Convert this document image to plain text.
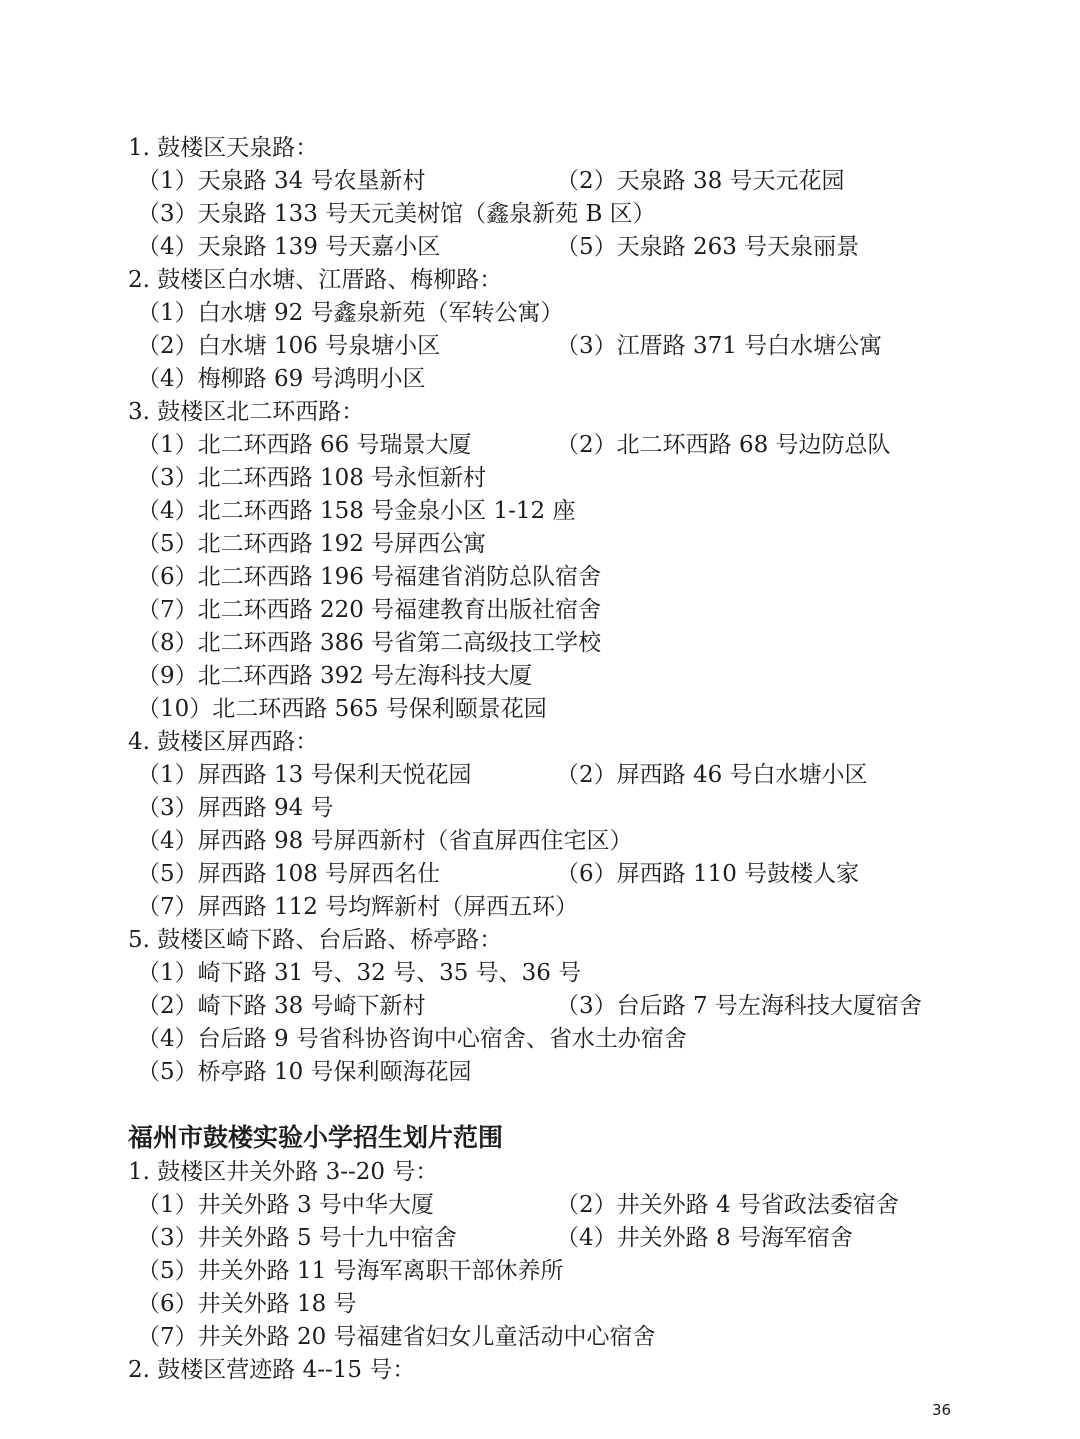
1. 鼓楼区天泉路：
（1）天泉路 34 号农垦新村	（2）天泉路 38 号天元花园
（3）天泉路 133 号天元美树馆（鑫泉新苑 B 区）
（4）天泉路 139 号天嘉小区	（5）天泉路 263 号天泉丽景
2. 鼓楼区白水塘、江厝路、梅柳路：
（1）白水塘 92 号鑫泉新苑（军转公寓）
（2）白水塘 106 号泉塘小区	（3）江厝路 371 号白水塘公寓
（4）梅柳路 69 号鸿明小区
3. 鼓楼区北二环西路：
（1）北二环西路 66 号瑞景大厦	（2）北二环西路 68 号边防总队
（3）北二环西路 108 号永恒新村
（4）北二环西路 158 号金泉小区 1-12 座
（5）北二环西路 192 号屏西公寓
（6）北二环西路 196 号福建省消防总队宿舍
（7）北二环西路 220 号福建教育出版社宿舍
（8）北二环西路 386 号省第二高级技工学校
（9）北二环西路 392 号左海科技大厦
（10）北二环西路 565 号保利颐景花园
4. 鼓楼区屏西路：
（1）屏西路 13 号保利天悦花园	（2）屏西路 46 号白水塘小区
（3）屏西路 94 号
（4）屏西路 98 号屏西新村（省直屏西住宅区）
（5）屏西路 108 号屏西名仕	（6）屏西路 110 号鼓楼人家
（7）屏西路 112 号均辉新村（屏西五环）
5. 鼓楼区崎下路、台后路、桥亭路：
（1）崎下路 31 号、32 号、35 号、36 号
（2）崎下路 38 号崎下新村	（3）台后路 7 号左海科技大厦宿舍
（4）台后路 9 号省科协咨询中心宿舍、省水土办宿舍
（5）桥亭路 10 号保利颐海花园
福州市鼓楼实验小学招生划片范围
1. 鼓楼区井关外路 3--20 号：
（1）井关外路 3 号中华大厦	（2）井关外路 4 号省政法委宿舍
（3）井关外路 5 号十九中宿舍	（4）井关外路 8 号海军宿舍
（5）井关外路 11 号海军离职干部休养所
（6）井关外路 18 号
（7）井关外路 20 号福建省妇女儿童活动中心宿舍
2. 鼓楼区营迹路 4--15 号：
36
